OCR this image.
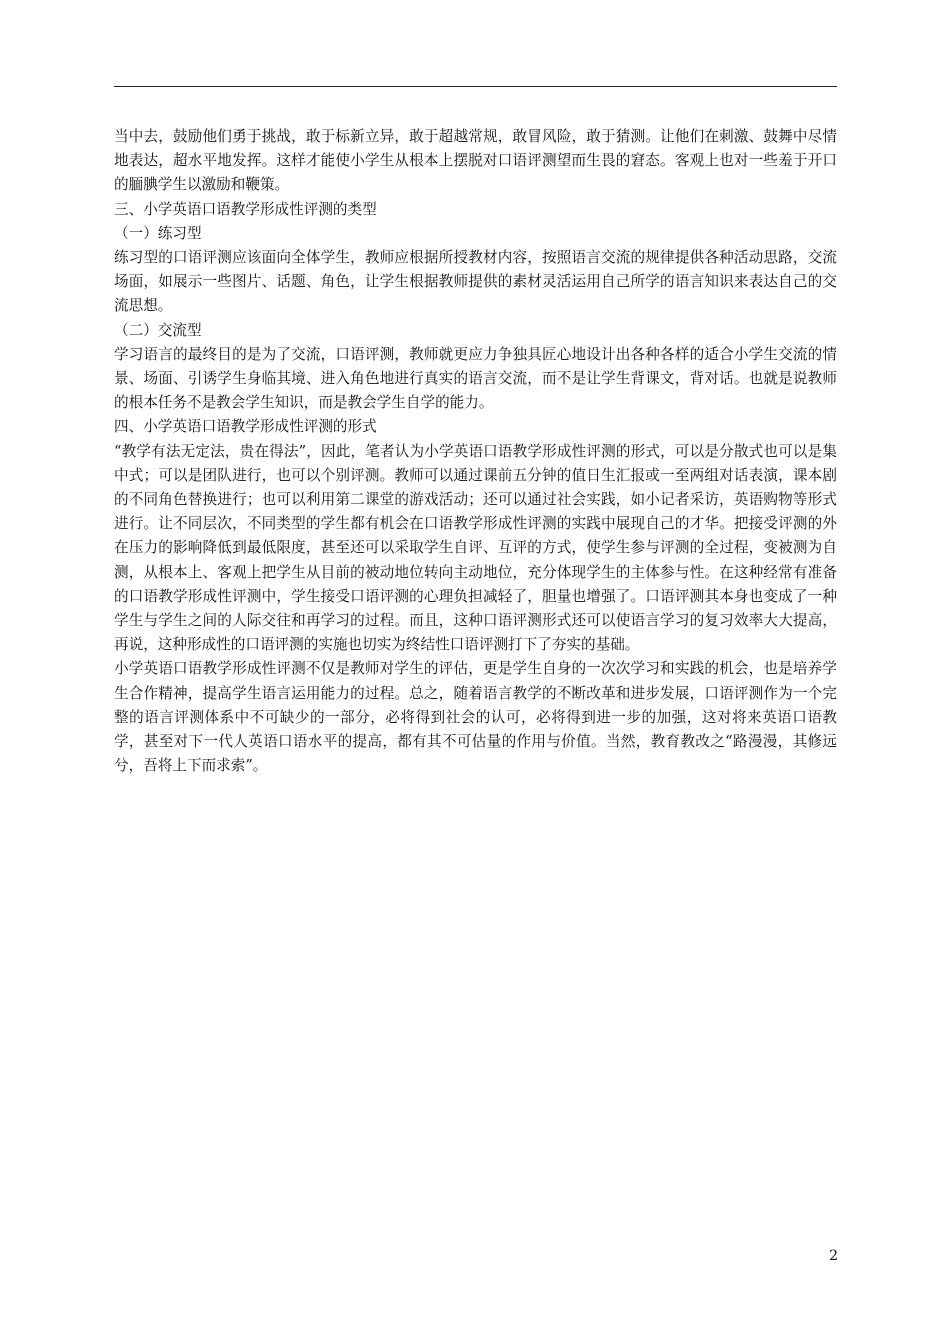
当中去，鼓励他们勇于挑战，敢于标新立异，敢于超越常规，敢冒风险，敢于猜测。让他们在刺激、鼓舞中尽情地表达，超水平地发挥。这样才能使小学生从根本上摆脱对口语评测望而生畏的窘态。客观上也对一些羞于开口的腼腆学生以激励和鞭策。

三、小学英语口语教学形成性评测的类型

（一）练习型

练习型的口语评测应该面向全体学生，教师应根据所授教材内容，按照语言交流的规律提供各种活动思路，交流场面，如展示一些图片、话题、角色，让学生根据教师提供的素材灵活运用自己所学的语言知识来表达自己的交流思想。

（二）交流型

学习语言的最终目的是为了交流，口语评测，教师就更应力争独具匠心地设计出各种各样的适合小学生交流的情景、场面、引诱学生身临其境、进入角色地进行真实的语言交流，而不是让学生背课文，背对话。也就是说教师的根本任务不是教会学生知识，而是教会学生自学的能力。

四、小学英语口语教学形成性评测的形式

“教学有法无定法，贵在得法”，因此，笔者认为小学英语口语教学形成性评测的形式，可以是分散式也可以是集中式；可以是团队进行，也可以个别评测。教师可以通过课前五分钟的值日生汇报或一至两组对话表演，课本剧的不同角色替换进行；也可以利用第二课堂的游戏活动；还可以通过社会实践，如小记者采访，英语购物等形式进行。让不同层次，不同类型的学生都有机会在口语教学形成性评测的实践中展现自己的才华。把接受评测的外在压力的影响降低到最低限度，甚至还可以采取学生自评、互评的方式，使学生参与评测的全过程，变被测为自测，从根本上、客观上把学生从目前的被动地位转向主动地位，充分体现学生的主体参与性。在这种经常有准备的口语教学形成性评测中，学生接受口语评测的心理负担减轻了，胆量也增强了。口语评测其本身也变成了一种学生与学生之间的人际交往和再学习的过程。而且，这种口语评测形式还可以使语言学习的复习效率大大提高，再说，这种形成性的口语评测的实施也切实为终结性口语评测打下了夯实的基础。

小学英语口语教学形成性评测不仅是教师对学生的评估，更是学生自身的一次次学习和实践的机会，也是培养学生合作精神，提高学生语言运用能力的过程。总之，随着语言教学的不断改革和进步发展，口语评测作为一个完整的语言评测体系中不可缺少的一部分，必将得到社会的认可，必将得到进一步的加强，这对将来英语口语教学，甚至对下一代人英语口语水平的提高，都有其不可估量的作用与价值。当然，教育教改之“路漫漫，其修远兮，吾将上下而求索”。

2
